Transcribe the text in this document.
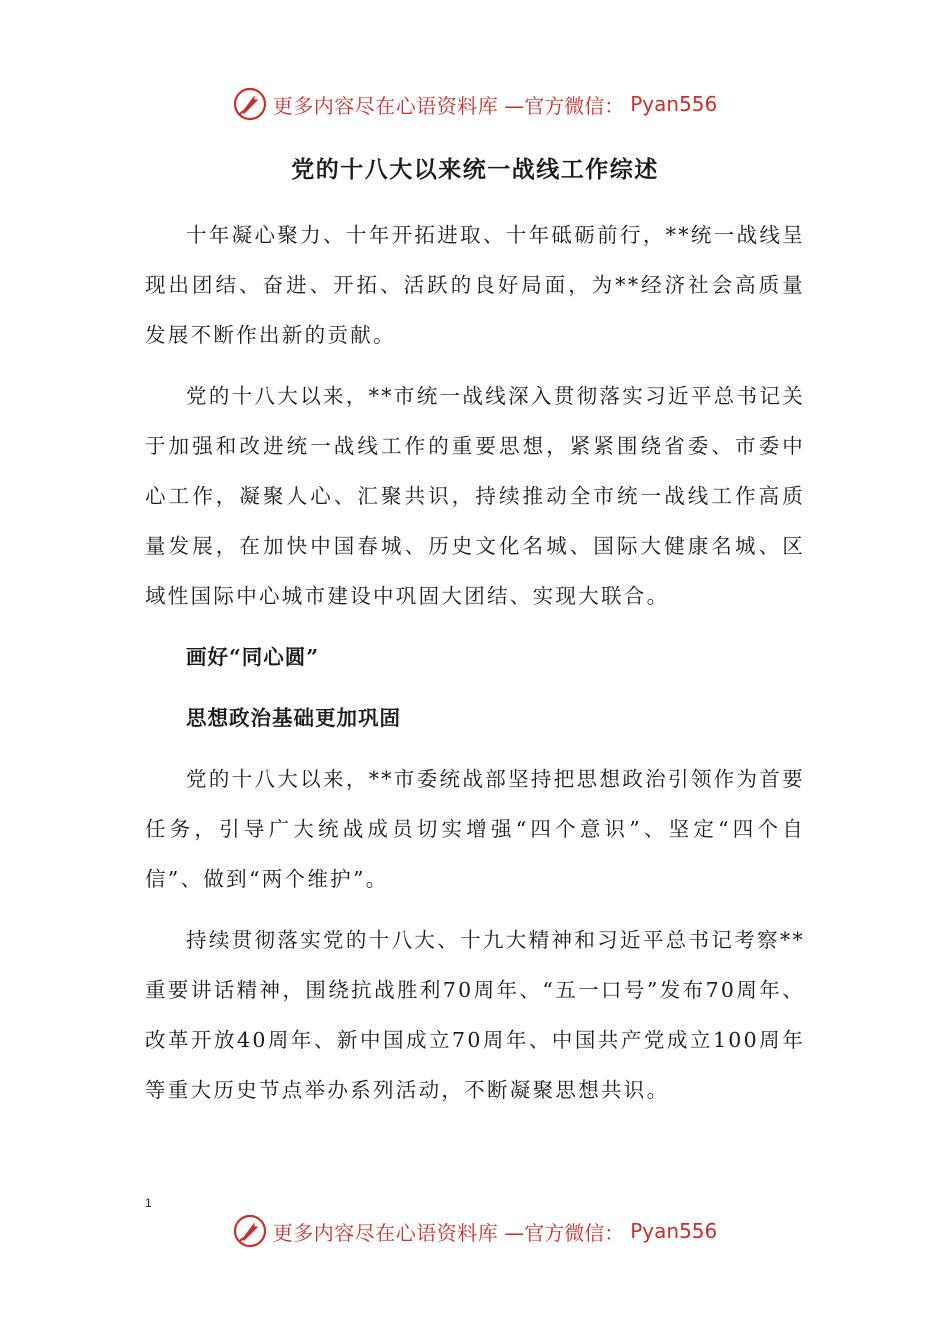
更多内容尽在心语资料库 —官方微信： Pyan556
党的十八大以来统一战线工作综述

十年凝心聚力、十年开拓进取、十年砥砺前行，**统一战线呈现出团结、奋进、开拓、活跃的良好局面，为**经济社会高质量发展不断作出新的贡献。

党的十八大以来，**市统一战线深入贯彻落实习近平总书记关于加强和改进统一战线工作的重要思想，紧紧围绕省委、市委中心工作，凝聚人心、汇聚共识，持续推动全市统一战线工作高质量发展，在加快中国春城、历史文化名城、国际大健康名城、区域性国际中心城市建设中巩固大团结、实现大联合。

画好“同心圆”

思想政治基础更加巩固

党的十八大以来，**市委统战部坚持把思想政治引领作为首要任务，引导广大统战成员切实增强“四个意识”、坚定“四个自信”、做到“两个维护”。

持续贯彻落实党的十八大、十九大精神和习近平总书记考察**重要讲话精神，围绕抗战胜利70周年、“五一口号”发布70周年、改革开放40周年、新中国成立70周年、中国共产党成立100周年等重大历史节点举办系列活动，不断凝聚思想共识。

1
更多内容尽在心语资料库 —官方微信： Pyan556
